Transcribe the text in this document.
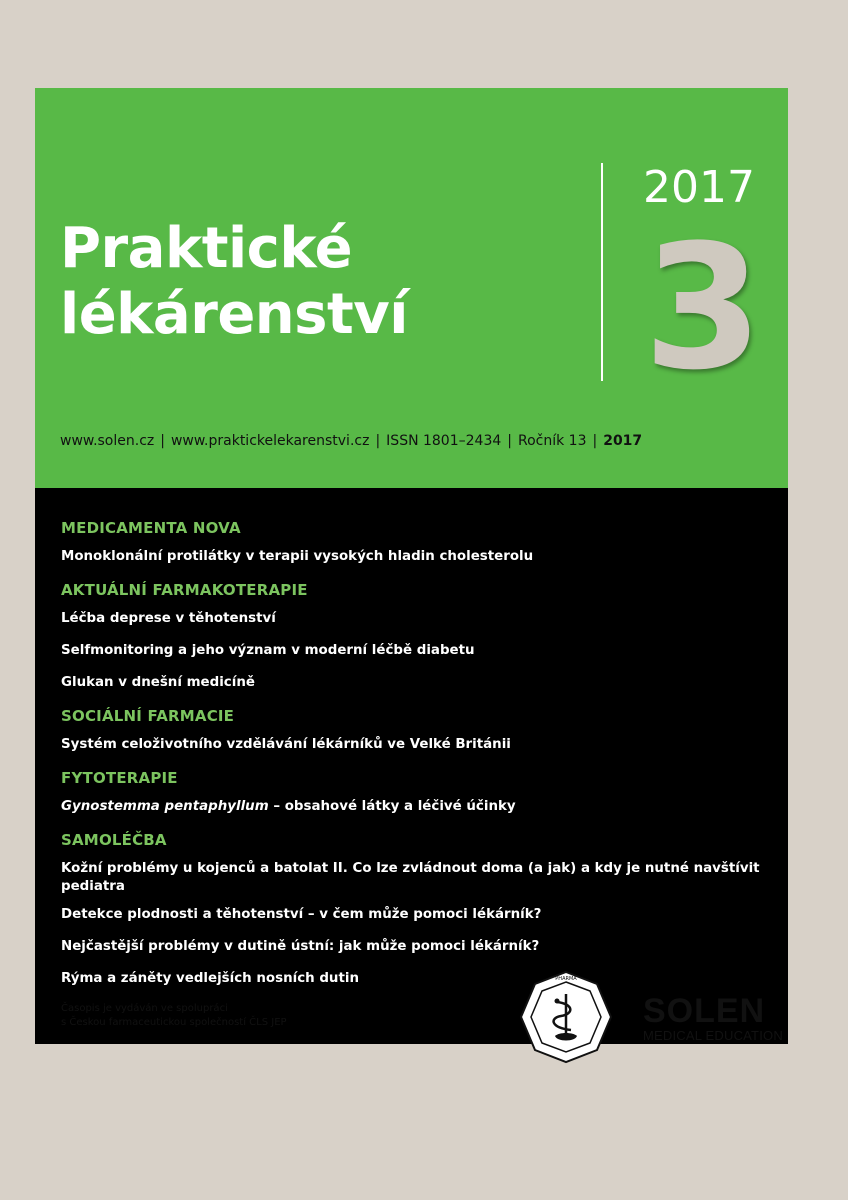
Praktické
lékárenství
2017
3
www.solen.cz | www.praktickelekarenstvi.cz | ISSN 1801–2434 | Ročník 13 | 2017
MEDICAMENTA NOVA
Monoklonální protilátky v terapii vysokých hladin cholesterolu
AKTUÁLNÍ FARMAKOTERAPIE
Léčba deprese v těhotenství
Selfmonitoring a jeho význam v moderní léčbě diabetu
Glukan v dnešní medicíně
SOCIÁLNÍ FARMACIE
Systém celoživotního vzdělávání lékárníků ve Velké Británii
FYTOTERAPIE
Gynostemma pentaphyllum – obsahové látky a léčivé účinky
SAMOLÉČBA
Kožní problémy u kojenců a batolat II. Co lze zvládnout doma (a jak) a kdy je nutné navštívit pediatra
Detekce plodnosti a těhotenství – v čem může pomoci lékárník?
Nejčastější problémy v dutině ústní: jak může pomoci lékárník?
Rýma a záněty vedlejších nosních dutin
Časopis je vydáván ve spolupráci
s Českou farmaceutickou společností ČLS JEP
PHARMA
SOLEN
MEDICAL EDUCATION
